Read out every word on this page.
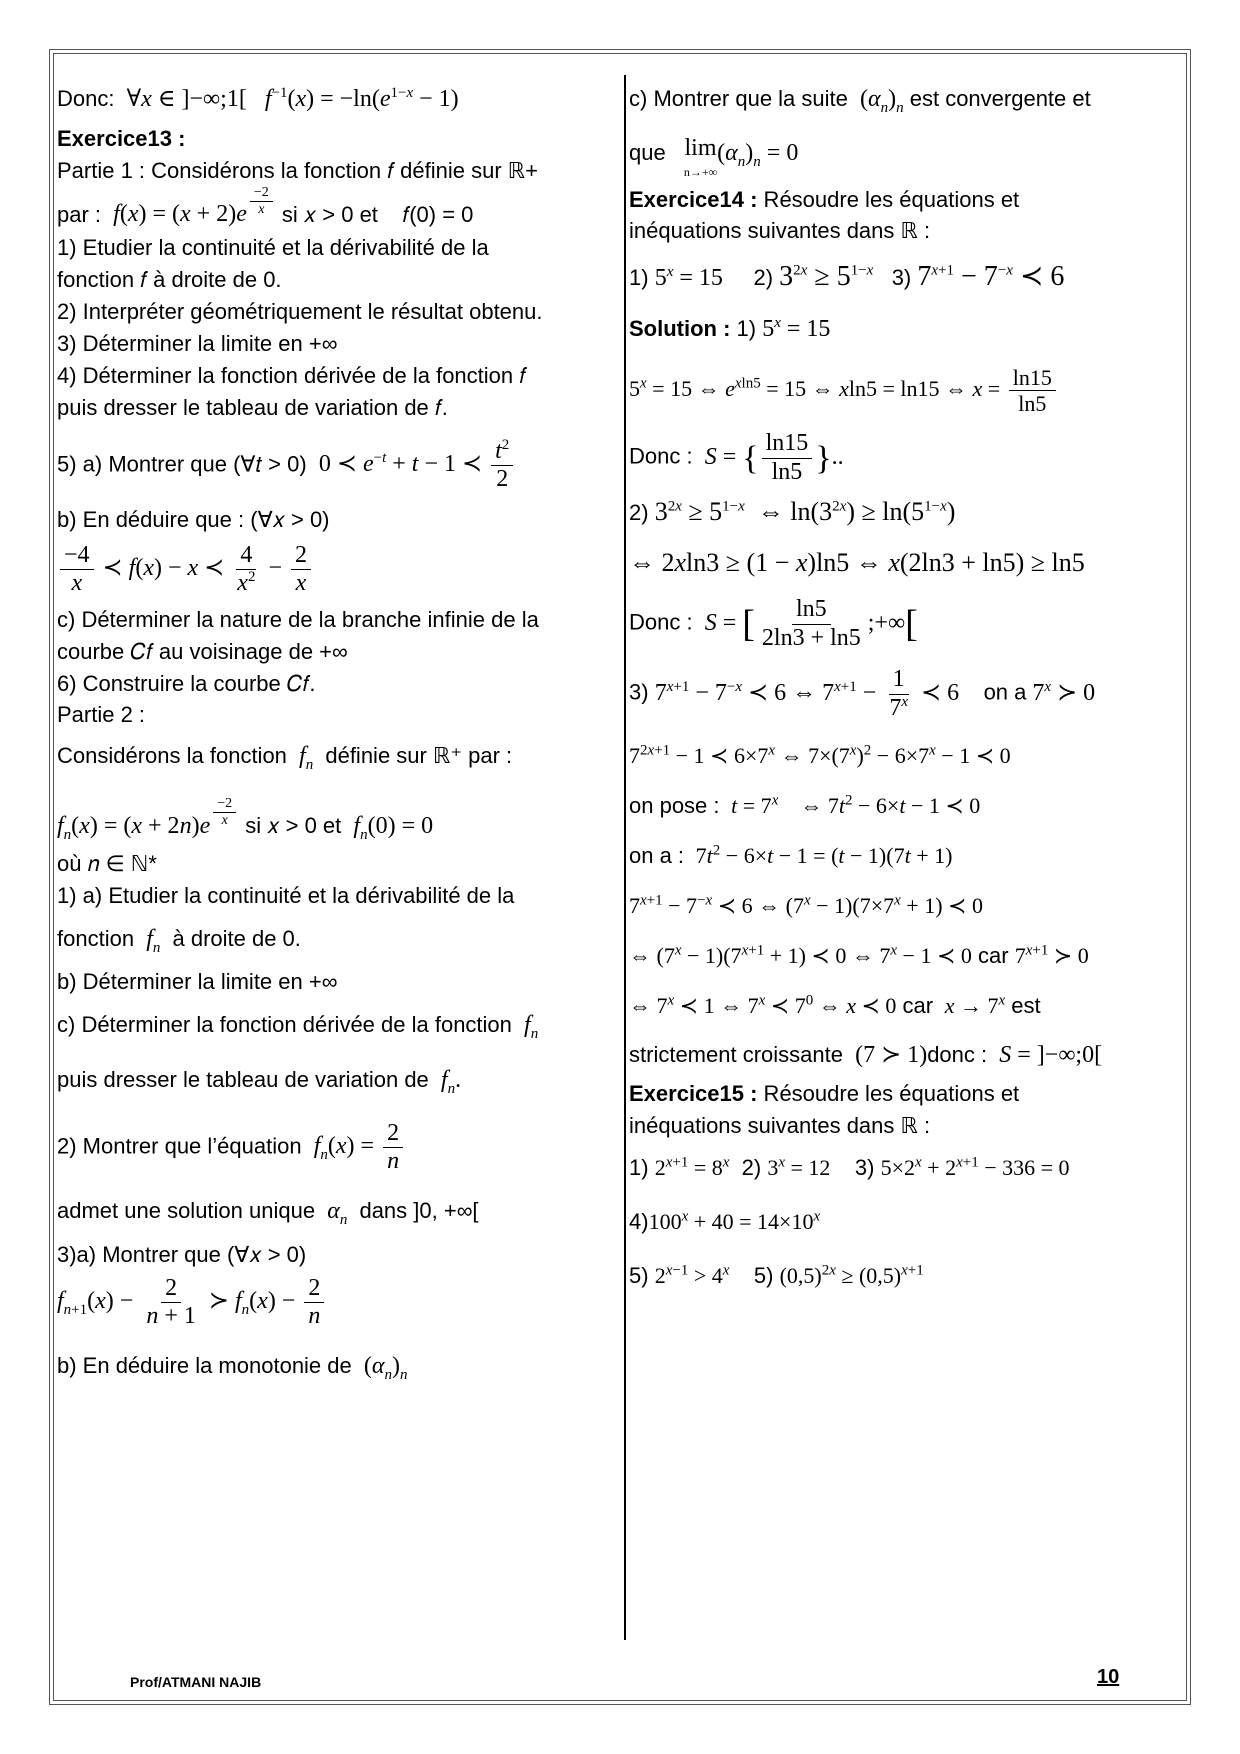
Donc:  ∀x ∈ ]−∞;1[   $f^{-1}(x) = -\ln(e^{1-x} - 1)$
Exercice13 :
Partie 1 : Considérons la fonction 𝑓 définie sur ℝ+
par : f(x) = (x + 2)e $^{\frac{-2}{x}}$ si 𝑥 > 0 et 𝑓(0) = 0
1) Etudier la continuité et la dérivabilité de la
fonction 𝑓 à droite de 0.
2) Interpréter géométriquement le résultat obtenu.
3) Déterminer la limite en +∞
4) Déterminer la fonction dérivée de la fonction 𝑓
puis dresser le tableau de variation de 𝑓.
5) a) Montrer que (∀𝑡 > 0)  0 ≺ $e^{-t} + t - 1$ ≺ $\frac{t^2}{2}$
b) En déduire que : (∀𝑥 > 0)
$\frac{-4}{x}$ ≺ f(x) − x ≺ $\frac{4}{x^2} - \frac{2}{x}$
c) Déterminer la nature de la branche infinie de la
courbe 𝐶𝑓 au voisinage de +∞
6) Construire la courbe 𝐶𝑓.
Partie 2 :
Considérons la fonction $f_n$ définie sur ℝ⁺ par :
$f_n(x) = (x + 2n)e$ $^{\frac{-2}{x}}$ si 𝑥 > 0 et $f_n(0) = 0$
où 𝑛 ∈ ℕ*
1) a) Etudier la continuité et la dérivabilité de la
fonction $f_n$ à droite de 0.
b) Déterminer la limite en +∞
c) Déterminer la fonction dérivée de la fonction $f_n$
puis dresser le tableau de variation de $f_n$.
2) Montrer que l’équation $f_n(x) = \frac{2}{n}$
admet une solution unique $\alpha_n$ dans ]0, +∞[
3)a) Montrer que (∀𝑥 > 0)
$f_{n+1}(x) - \frac{2}{n + 1}$ ≻ $f_n(x) - \frac{2}{n}$
b) En déduire la monotonie de  $(\alpha_n)_n$
c) Montrer que la suite  $(\alpha_n)_n$ est convergente et
que lim
n→+∞
$(\alpha_n)_n = 0$
Exercice14 : Résoudre les équations et
inéquations suivantes dans ℝ :
1) $5^x = 15$     2) $3^{2x} \ge 5^{1-x}$   3) $7^{x+1} - 7^{-x}$ ≺ 6
Solution : 1) $5^x = 15$
$5^x = 15$ ⇔ $e^{xln5} = 15$ ⇔ xln5 = ln15 ⇔ $x = \frac{\ln 15}{\ln 5}$
Donc : S = { $\frac{\ln 15}{\ln 5}$ }..
2) $3^{2x} \ge 5^{1-x}$  ⇔ $\ln(3^{2x}) \ge \ln(5^{1-x})$
⇔ 2xln3 ≥ (1 − x)ln5 ⇔ x(2ln3 + ln5) ≥ ln5
Donc : S = [ $\frac{\ln 5}{2\ln 3 + \ln 5}$ ;+∞[
3) $7^{x+1} - 7^{-x}$ ≺ 6 ⇔ $7^{x+1} - \frac{1}{7^x}$ ≺ 6 on a 7$^x$ ≻ 0
$7^{2x+1} - 1$ ≺ $6\times 7^x$ ⇔ $7\times(7^x)^2 - 6\times 7^x - 1$ ≺ 0
on pose : $t = 7^x$    ⇔ $7t^2 - 6\times t - 1$ ≺ 0
on a :  $7t^2 - 6\times t - 1 = (t - 1)(7t + 1)$
$7^{x+1} - 7^{-x}$ ≺ 6 ⇔ $(7^x - 1)(7\times 7^x + 1)$ ≺ 0
⇔ $(7^x - 1)(7^{x+1} + 1)$ ≺ 0 ⇔ $7^x - 1$ ≺ 0 car $7^{x+1}$ ≻ 0
⇔ 7$^x$ ≺ 1 ⇔ 7$^x$ ≺ $7^0$ ⇔ x ≺ 0 car $x \to 7^x$ est
strictement croissante  (7 ≻ 1)donc : S = ]−∞;0[
Exercice15 : Résoudre les équations et
inéquations suivantes dans ℝ :
1) $2^{x+1} = 8^x$  2) $3^x = 12$    3) $5\times 2^x + 2^{x+1} - 336 = 0$
$4)100^x + 40 = 14\times 10^x$
5) $2^{x-1} > 4^x$    5) $(0,5)^{2x} \ge (0,5)^{x+1}$
Prof/ATMANI NAJIB	10
